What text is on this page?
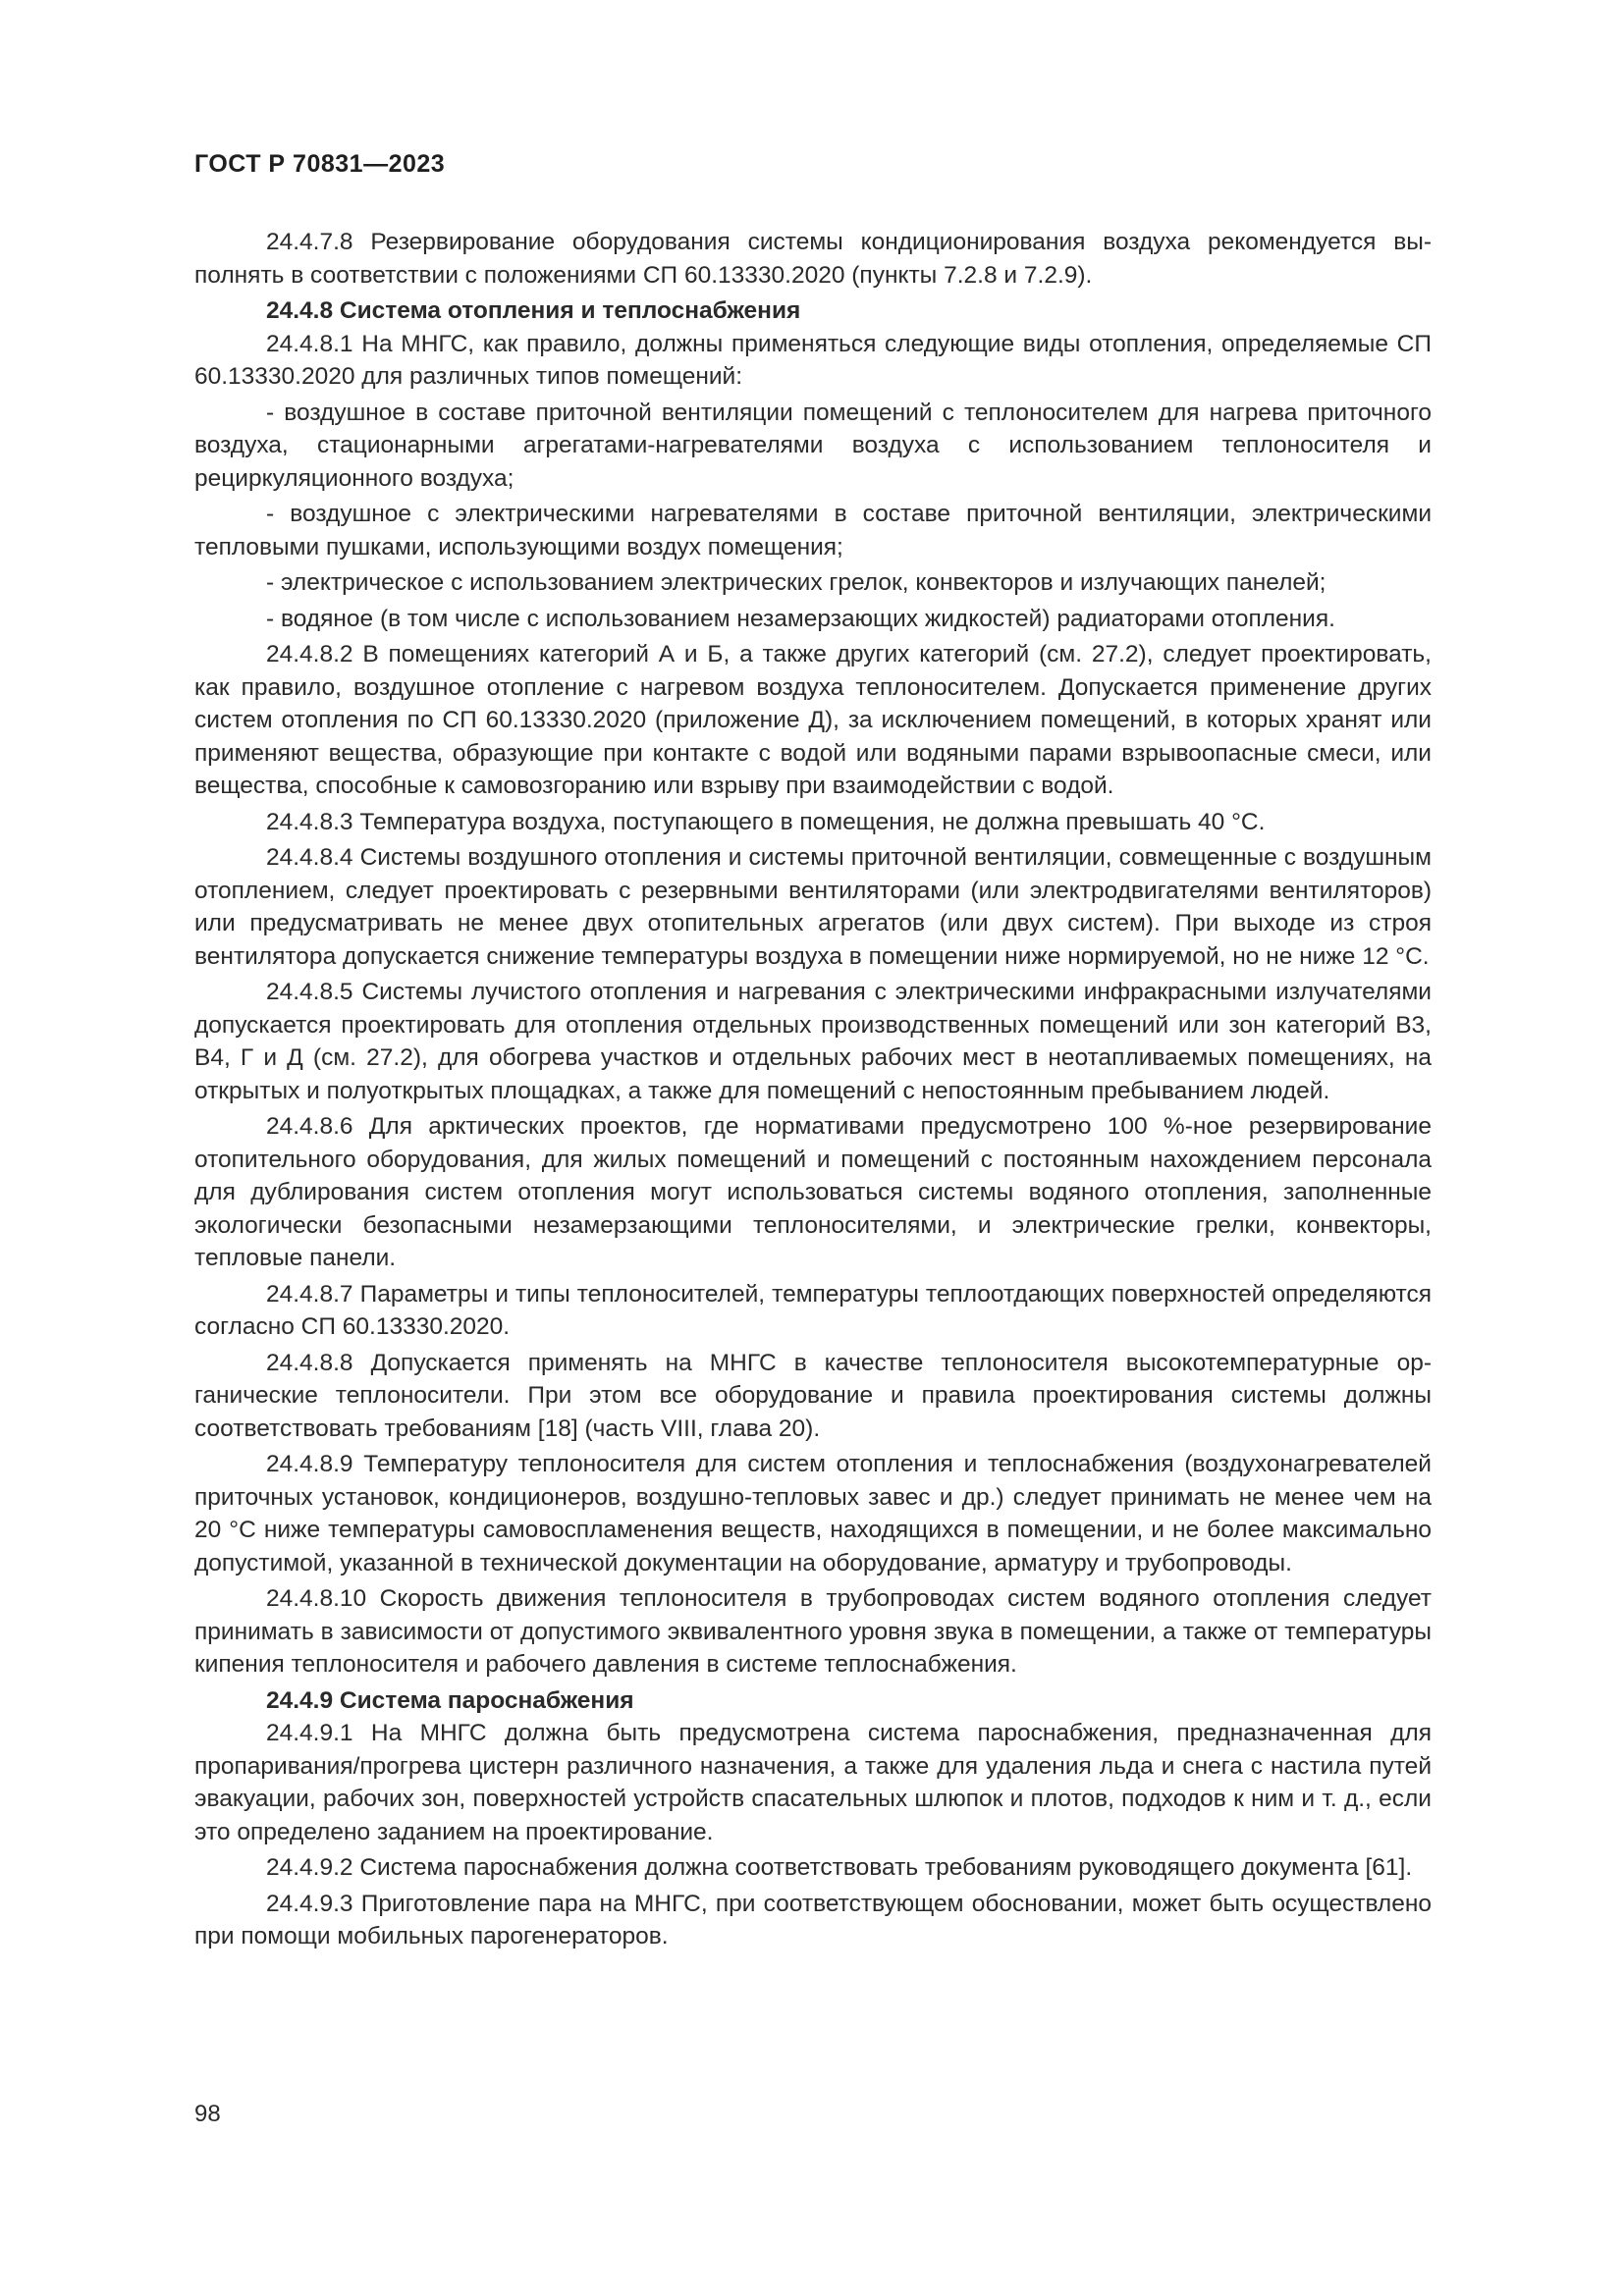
ГОСТ Р 70831—2023

24.4.7.8 Резервирование оборудования системы кондиционирования воздуха рекомендуется выполнять в соответствии с положениями СП 60.13330.2020 (пункты 7.2.8 и 7.2.9).

24.4.8 Система отопления и теплоснабжения

24.4.8.1 На МНГС, как правило, должны применяться следующие виды отопления, определяемые СП 60.13330.2020 для различных типов помещений:

- воздушное в составе приточной вентиляции помещений с теплоносителем для нагрева приточного воздуха, стационарными агрегатами-нагревателями воздуха с использованием теплоносителя и рециркуляционного воздуха;

- воздушное с электрическими нагревателями в составе приточной вентиляции, электрическими тепловыми пушками, использующими воздух помещения;

- электрическое с использованием электрических грелок, конвекторов и излучающих панелей;

- водяное (в том числе с использованием незамерзающих жидкостей) радиаторами отопления.

24.4.8.2 В помещениях категорий А и Б, а также других категорий (см. 27.2), следует проектировать, как правило, воздушное отопление с нагревом воздуха теплоносителем. Допускается применение других систем отопления по СП 60.13330.2020 (приложение Д), за исключением помещений, в которых хранят или применяют вещества, образующие при контакте с водой или водяными парами взрывоопасные смеси, или вещества, способные к самовозгоранию или взрыву при взаимодействии с водой.

24.4.8.3 Температура воздуха, поступающего в помещения, не должна превышать 40 °С.

24.4.8.4 Системы воздушного отопления и системы приточной вентиляции, совмещенные с воздушным отоплением, следует проектировать с резервными вентиляторами (или электродвигателями вентиляторов) или предусматривать не менее двух отопительных агрегатов (или двух систем). При выходе из строя вентилятора допускается снижение температуры воздуха в помещении ниже нормируемой, но не ниже 12 °С.

24.4.8.5 Системы лучистого отопления и нагревания с электрическими инфракрасными излучателями допускается проектировать для отопления отдельных производственных помещений или зон категорий В3, В4, Г и Д (см. 27.2), для обогрева участков и отдельных рабочих мест в неотапливаемых помещениях, на открытых и полуоткрытых площадках, а также для помещений с непостоянным пребыванием людей.

24.4.8.6 Для арктических проектов, где нормативами предусмотрено 100 %-ное резервирование отопительного оборудования, для жилых помещений и помещений с постоянным нахождением персонала для дублирования систем отопления могут использоваться системы водяного отопления, заполненные экологически безопасными незамерзающими теплоносителями, и электрические грелки, конвекторы, тепловые панели.

24.4.8.7 Параметры и типы теплоносителей, температуры теплоотдающих поверхностей определяются согласно СП 60.13330.2020.

24.4.8.8 Допускается применять на МНГС в качестве теплоносителя высокотемпературные органические теплоносители. При этом все оборудование и правила проектирования системы должны соответствовать требованиям [18] (часть VIII, глава 20).

24.4.8.9 Температуру теплоносителя для систем отопления и теплоснабжения (воздухонагревателей приточных установок, кондиционеров, воздушно-тепловых завес и др.) следует принимать не менее чем на 20 °С ниже температуры самовоспламенения веществ, находящихся в помещении, и не более максимально допустимой, указанной в технической документации на оборудование, арматуру и трубопроводы.

24.4.8.10 Скорость движения теплоносителя в трубопроводах систем водяного отопления следует принимать в зависимости от допустимого эквивалентного уровня звука в помещении, а также от температуры кипения теплоносителя и рабочего давления в системе теплоснабжения.

24.4.9 Система пароснабжения

24.4.9.1 На МНГС должна быть предусмотрена система пароснабжения, предназначенная для пропаривания/прогрева цистерн различного назначения, а также для удаления льда и снега с настила путей эвакуации, рабочих зон, поверхностей устройств спасательных шлюпок и плотов, подходов к ним и т. д., если это определено заданием на проектирование.

24.4.9.2 Система пароснабжения должна соответствовать требованиям руководящего документа [61].

24.4.9.3 Приготовление пара на МНГС, при соответствующем обосновании, может быть осуществлено при помощи мобильных парогенераторов.

98
